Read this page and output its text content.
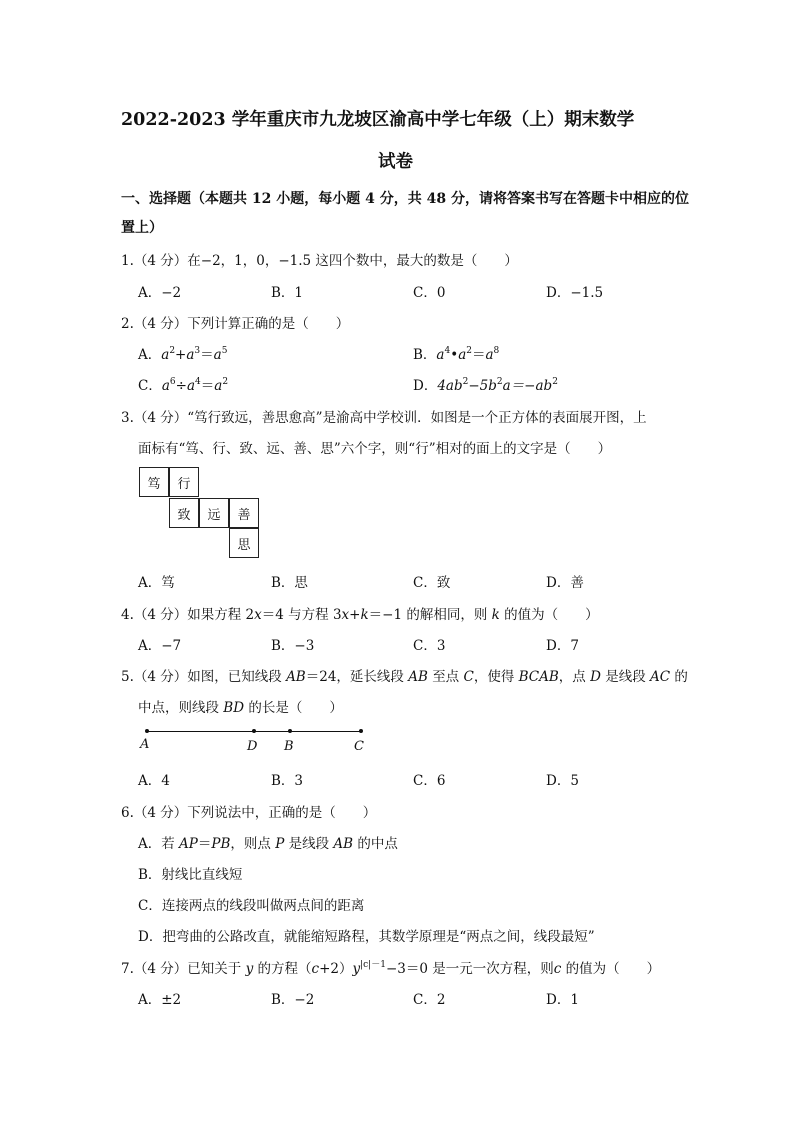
2022-2023 学年重庆市九龙坡区渝高中学七年级（上）期末数学
试卷
一、选择题（本题共 12 小题，每小题 4 分，共 48 分，请将答案书写在答题卡中相应的位
置上）
1.（4 分）在−2，1，0，−1.5 这四个数中，最大的数是（　　）
A．−2	B．1	C．0	D．−1.5
2.（4 分）下列计算正确的是（　　）
A．$a^2+a^3=a^5$	B．$a^4•a^2=a^8$
C．$a^6\div a^4=a^2$	D．$4ab^2-5b^2a=-ab^2$
3.（4 分）“笃行致远，善思愈高”是渝高中学校训．如图是一个正方体的表面展开图，上
面标有“笃、行、致、远、善、思”六个字，则“行”相对的面上的文字是（　　）
笃	行
致	远	善
思
A．笃	B．思	C．致	D．善
4.（4 分）如果方程 2x＝4 与方程 3x+k＝−1 的解相同，则 k 的值为（　　）
A．−7	B．−3	C．3	D．7
5.（4 分）如图，已知线段 AB＝24，延长线段 AB 至点 C，使得 BCAB，点 D 是线段 AC 的
中点，则线段 BD 的长是（　　）
A	D B	C
A．4	B．3	C．6	D．5
6.（4 分）下列说法中，正确的是（　　）
A．若 AP＝PB，则点 P 是线段 AB 的中点
B．射线比直线短
C．连接两点的线段叫做两点间的距离
D．把弯曲的公路改直，就能缩短路程，其数学原理是“两点之间，线段最短”
7.（4 分）已知关于 y 的方程$(c+2)y^{|c|-1}-3=0$ 是一元一次方程，则c 的值为（　　）
A．±2	B．−2	C．2	D．1
